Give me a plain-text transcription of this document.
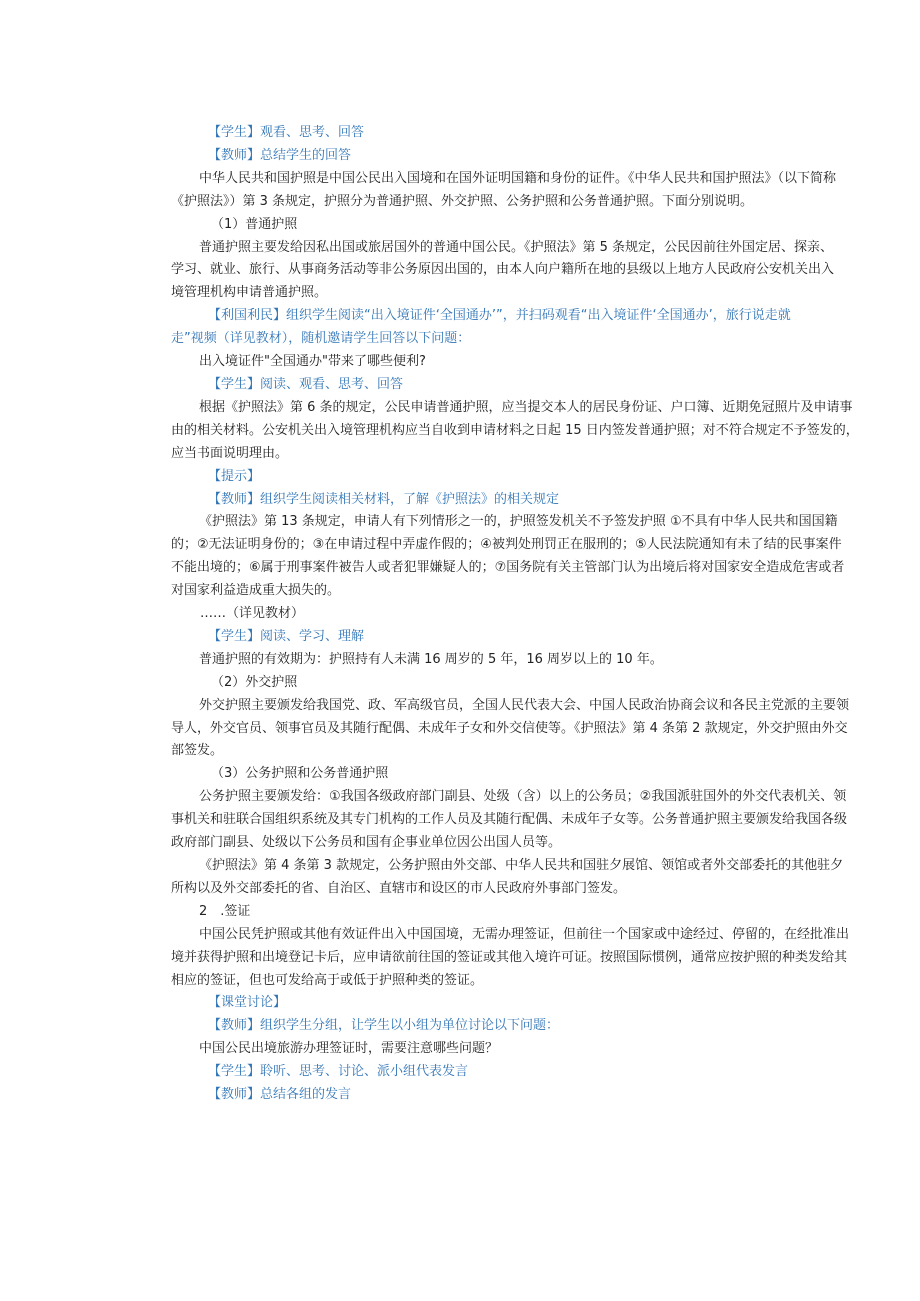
【学生】观看、思考、回答
【教师】总结学生的回答
中华人民共和国护照是中国公民出入国境和在国外证明国籍和身份的证件。《中华人民共和国护照法》（以下简称
《护照法》）第 3 条规定，护照分为普通护照、外交护照、公务护照和公务普通护照。下面分别说明。
（1）普通护照
普通护照主要发给因私出国或旅居国外的普通中国公民。《护照法》第 5 条规定，公民因前往外国定居、探亲、
学习、就业、旅行、从事商务活动等非公务原因出国的，由本人向户籍所在地的县级以上地方人民政府公安机关出入
境管理机构申请普通护照。
【利国利民】组织学生阅读“出入境证件‘全国通办’”，并扫码观看“出入境证件‘全国通办’，旅行说走就
走”视频（详见教材），随机邀请学生回答以下问题：
出入境证件"全国通办"带来了哪些便利?
【学生】阅读、观看、思考、回答
根据《护照法》第 6 条的规定，公民申请普通护照，应当提交本人的居民身份证、户口簿、近期免冠照片及申请事
由的相关材料。公安机关出入境管理机构应当自收到申请材料之日起 15 日内签发普通护照；对不符合规定不予签发的，
应当书面说明理由。
【提示】
【教师】组织学生阅读相关材料，了解《护照法》的相关规定
《护照法》第 13 条规定，申请人有下列情形之一的，护照签发机关不予签发护照 ①不具有中华人民共和国国籍
的；②无法证明身份的；③在申请过程中弄虚作假的；④被判处刑罚正在服刑的；⑤人民法院通知有未了结的民事案件
不能出境的；⑥属于刑事案件被告人或者犯罪嫌疑人的；⑦国务院有关主管部门认为出境后将对国家安全造成危害或者
对国家利益造成重大损失的。
……（详见教材）
【学生】阅读、学习、理解
普通护照的有效期为：护照持有人未满 16 周岁的 5 年，16 周岁以上的 10 年。
（2）外交护照
外交护照主要颁发给我国党、政、军高级官员，全国人民代表大会、中国人民政治协商会议和各民主党派的主要领
导人，外交官员、领事官员及其随行配偶、未成年子女和外交信使等。《护照法》第 4 条第 2 款规定，外交护照由外交
部签发。
（3）公务护照和公务普通护照
公务护照主要颁发给：①我国各级政府部门副县、处级（含）以上的公务员；②我国派驻国外的外交代表机关、领
事机关和驻联合国组织系统及其专门机构的工作人员及其随行配偶、未成年子女等。公务普通护照主要颁发给我国各级
政府部门副县、处级以下公务员和国有企事业单位因公出国人员等。
《护照法》第 4 条第 3 款规定，公务护照由外交部、中华人民共和国驻夕展馆、领馆或者外交部委托的其他驻夕
所构以及外交部委托的省、自治区、直辖市和设区的市人民政府外事部门签发。
2　.签证
中国公民凭护照或其他有效证件出入中国国境，无需办理签证，但前往一个国家或中途经过、停留的，在经批准出
境并获得护照和出境登记卡后，应申请欲前往国的签证或其他入境许可证。按照国际惯例，通常应按护照的种类发给其
相应的签证，但也可发给高于或低于护照种类的签证。
【课堂讨论】
【教师】组织学生分组，让学生以小组为单位讨论以下问题：
中国公民出境旅游办理签证时，需要注意哪些问题？
【学生】聆听、思考、讨论、派小组代表发言
【教师】总结各组的发言
